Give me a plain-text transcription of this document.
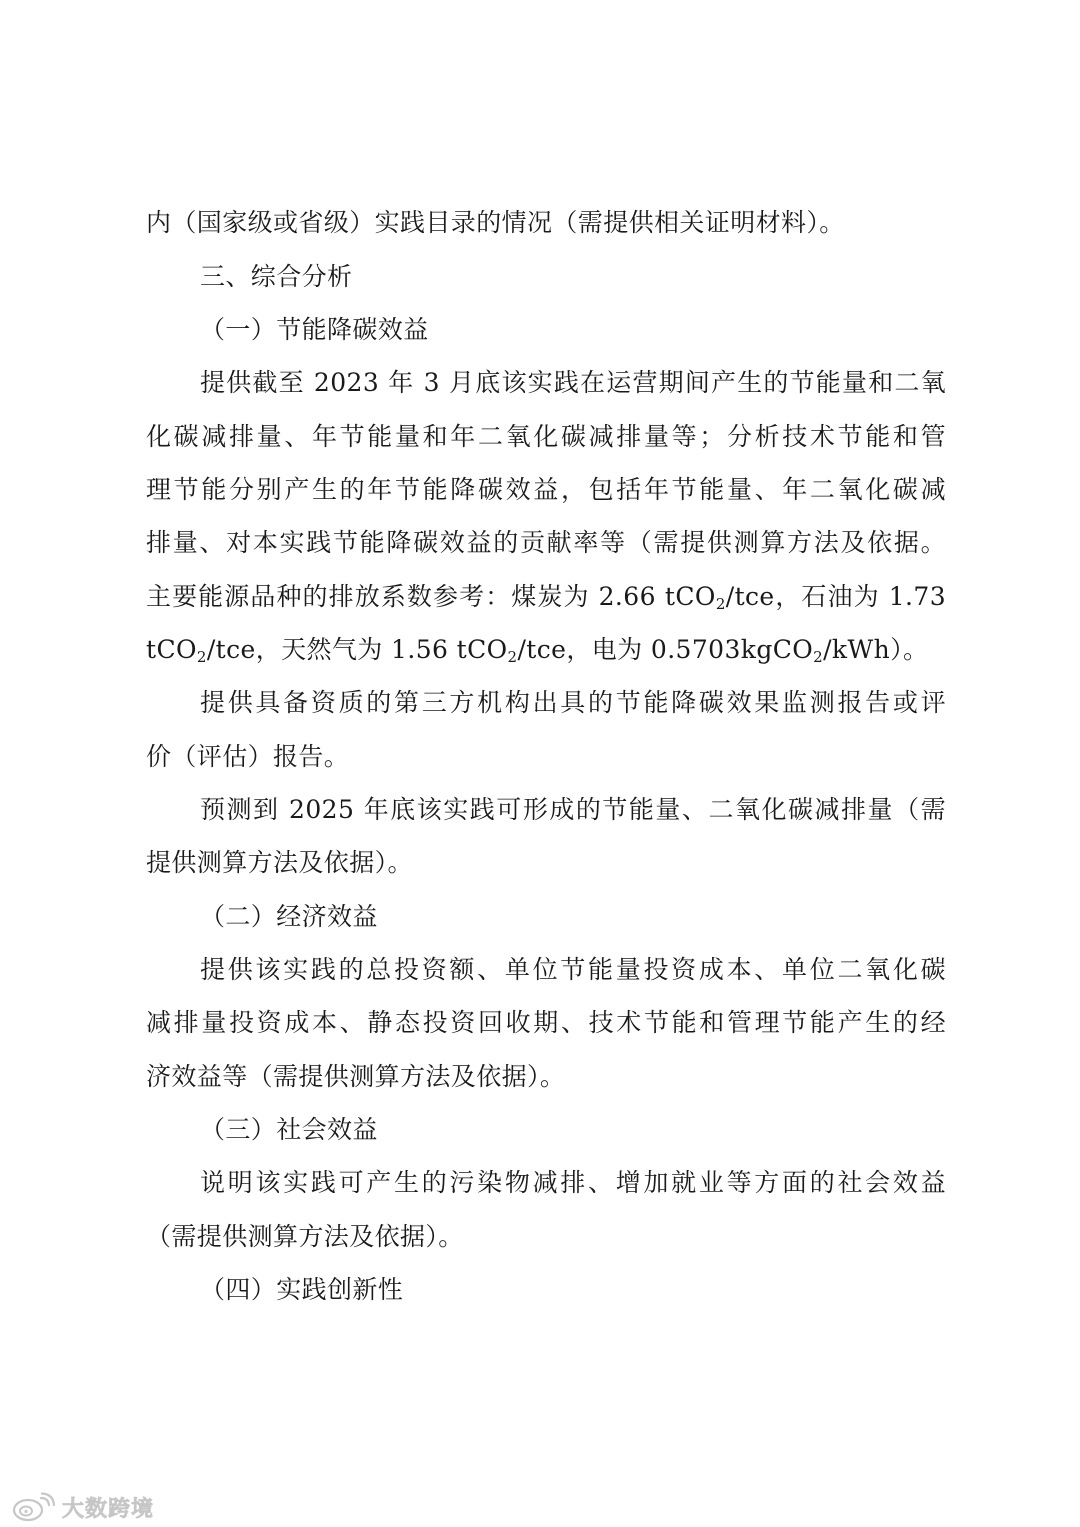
内（国家级或省级）实践目录的情况（需提供相关证明材料）。
三、综合分析
（一）节能降碳效益
提供截至 2023 年 3 月底该实践在运营期间产生的节能量和二氧
化碳减排量、年节能量和年二氧化碳减排量等；分析技术节能和管
理节能分别产生的年节能降碳效益，包括年节能量、年二氧化碳减
排量、对本实践节能降碳效益的贡献率等（需提供测算方法及依据。
主要能源品种的排放系数参考：煤炭为 2.66 tCO$_2$/tce，石油为 1.73
tCO$_2$/tce，天然气为 1.56 tCO$_2$/tce，电为 0.5703kgCO$_2$/kWh）。
提供具备资质的第三方机构出具的节能降碳效果监测报告或评
价（评估）报告。
预测到 2025 年底该实践可形成的节能量、二氧化碳减排量（需
提供测算方法及依据）。
（二）经济效益
提供该实践的总投资额、单位节能量投资成本、单位二氧化碳
减排量投资成本、静态投资回收期、技术节能和管理节能产生的经
济效益等（需提供测算方法及依据）。
（三）社会效益
说明该实践可产生的污染物减排、增加就业等方面的社会效益
（需提供测算方法及依据）。
（四）实践创新性
大数跨境
